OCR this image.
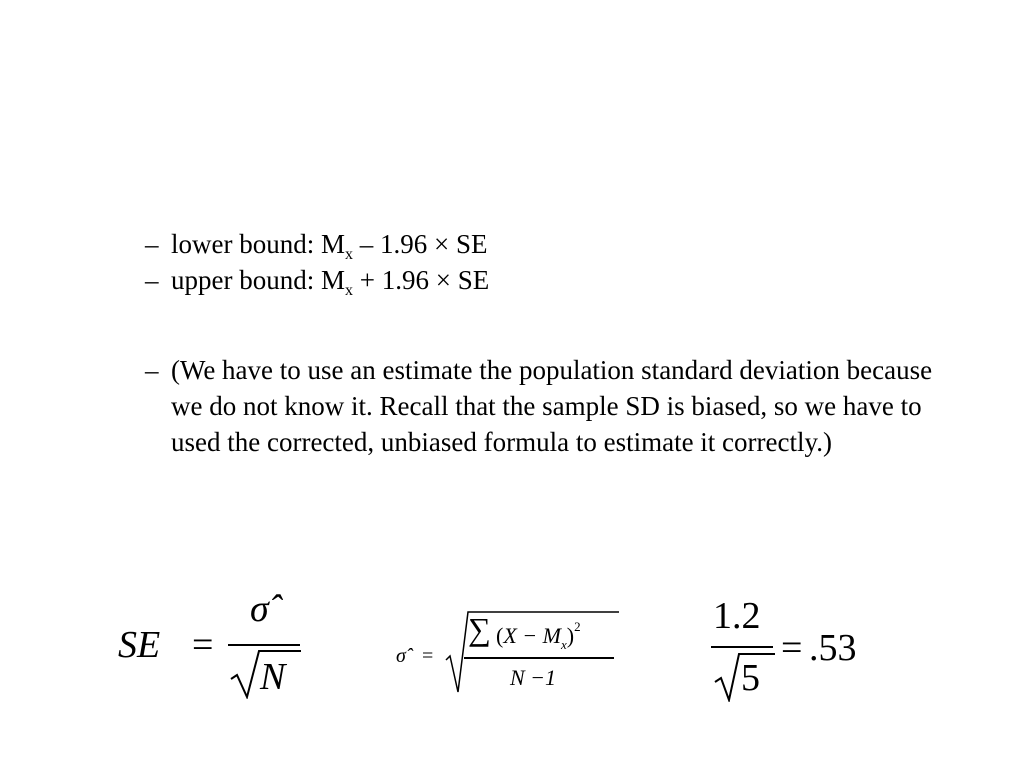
– lower bound: $M_x - 1.96$ × SE
– upper bound: $M_x + 1.96$ × SE
– (We have to use an estimate the population standard deviation because we do not know it. Recall that the sample SD is biased, so we have to used the corrected, unbiased formula to estimate it correctly.)
SE =
σ̂
N	σ̂ =
∑ $(X - M_x)^2$
N −1
1.2
5
= .53
